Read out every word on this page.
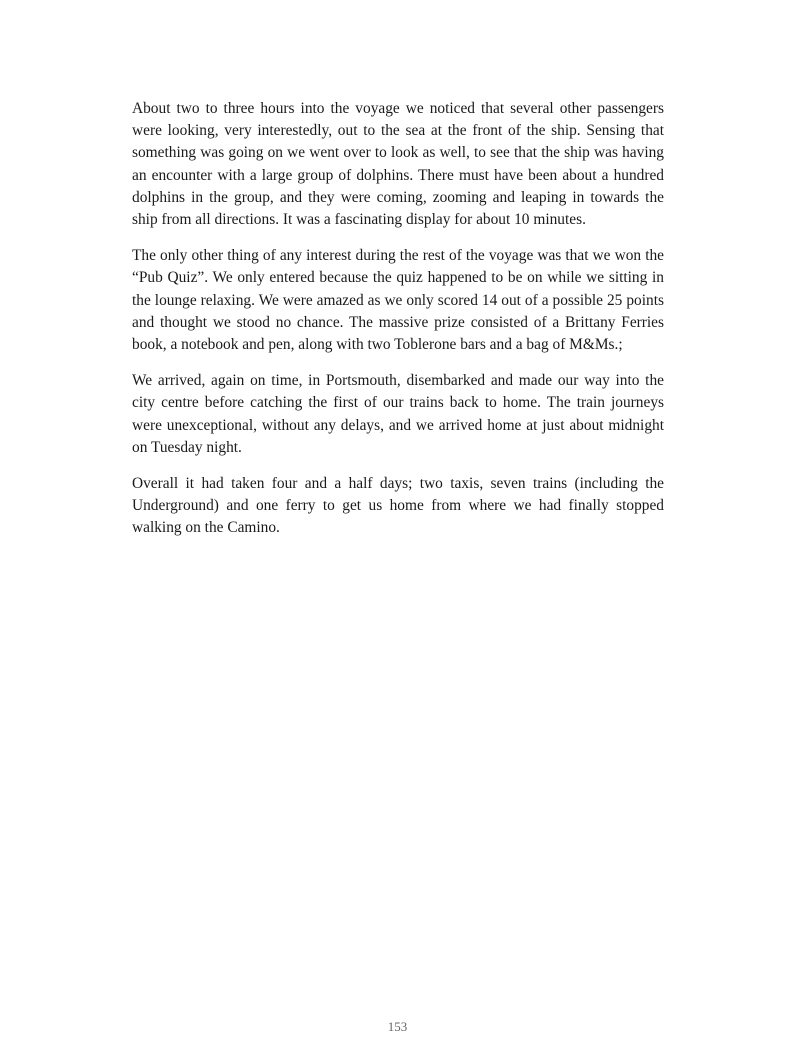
About two to three hours into the voyage we noticed that several other passengers were looking, very interestedly, out to the sea at the front of the ship. Sensing that something was going on we went over to look as well, to see that the ship was having an encounter with a large group of dolphins. There must have been about a hundred dolphins in the group, and they were coming, zooming and leaping in towards the ship from all directions. It was a fascinating display for about 10 minutes.

The only other thing of any interest during the rest of the voyage was that we won the “Pub Quiz”. We only entered because the quiz happened to be on while we sitting in the lounge relaxing. We were amazed as we only scored 14 out of a possible 25 points and thought we stood no chance. The massive prize consisted of a Brittany Ferries book, a notebook and pen, along with two Toblerone bars and a bag of M&Ms.;

We arrived, again on time, in Portsmouth, disembarked and made our way into the city centre before catching the first of our trains back to home. The train journeys were unexceptional, without any delays, and we arrived home at just about midnight on Tuesday night.

Overall it had taken four and a half days; two taxis, seven trains (including the Underground) and one ferry to get us home from where we had finally stopped walking on the Camino.

153
